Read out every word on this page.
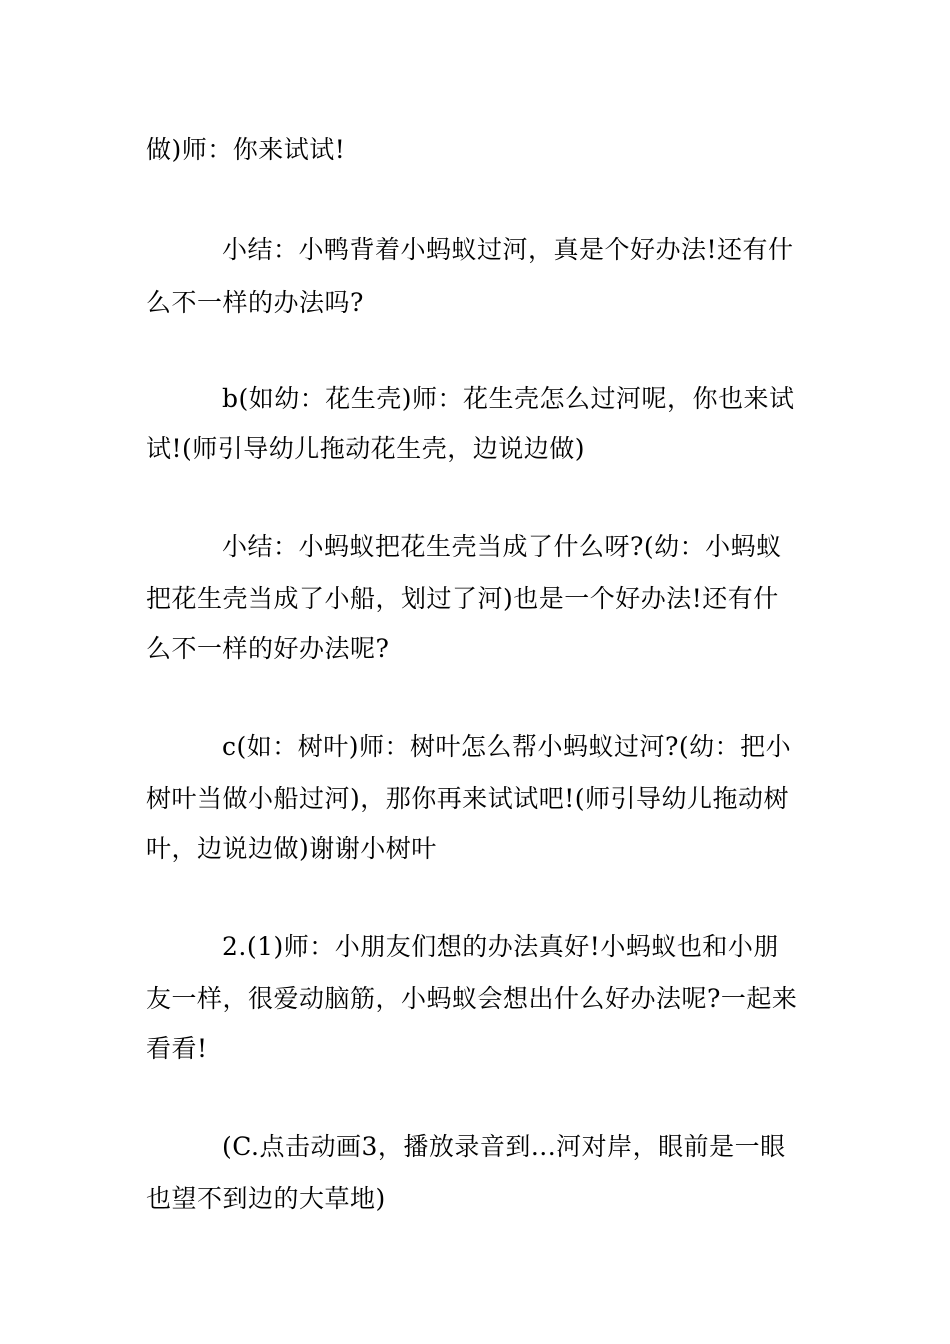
做)师：你来试试!
小结：小鸭背着小蚂蚁过河，真是个好办法!还有什
么不一样的办法吗?
b(如幼：花生壳)师：花生壳怎么过河呢，你也来试
试!(师引导幼儿拖动花生壳，边说边做)
小结：小蚂蚁把花生壳当成了什么呀?(幼：小蚂蚁
把花生壳当成了小船，划过了河)也是一个好办法!还有什
么不一样的好办法呢?
c(如：树叶)师：树叶怎么帮小蚂蚁过河?(幼：把小
树叶当做小船过河)，那你再来试试吧!(师引导幼儿拖动树
叶，边说边做)谢谢小树叶
2.(1)师：小朋友们想的办法真好!小蚂蚁也和小朋
友一样，很爱动脑筋，小蚂蚁会想出什么好办法呢?一起来
看看!
(C.点击动画3，播放录音到...河对岸，眼前是一眼
也望不到边的大草地)
